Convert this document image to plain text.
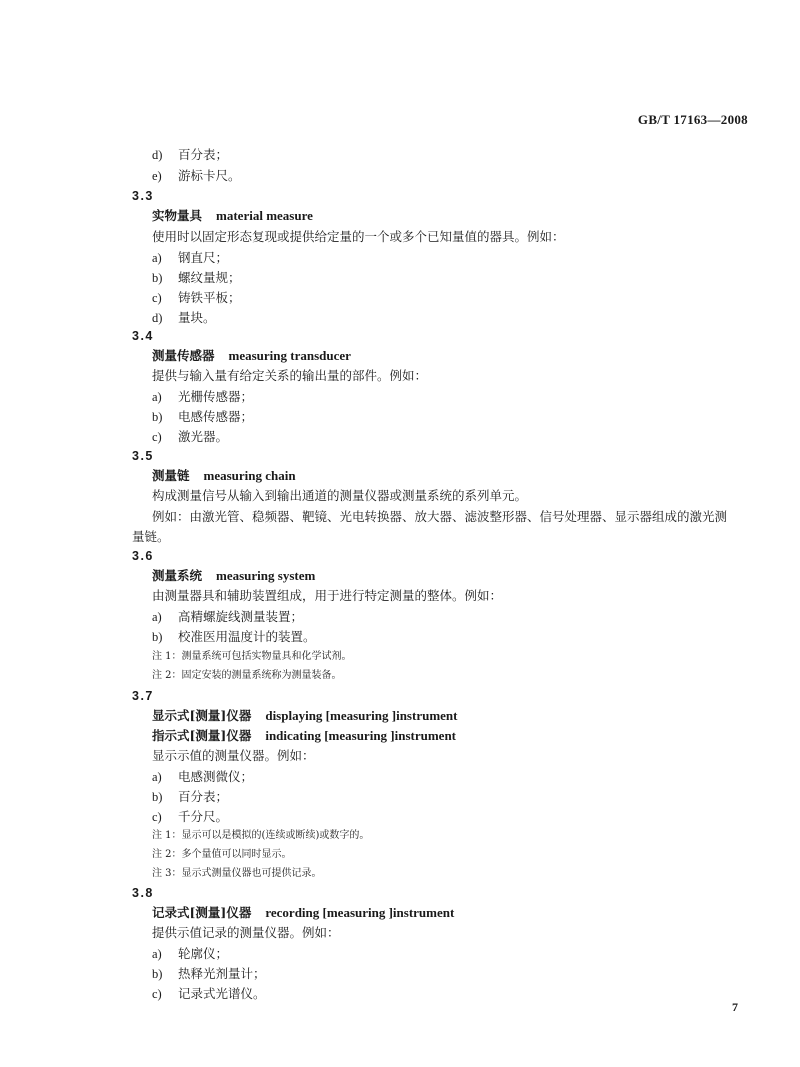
GB/T 17163—2008
d) 百分表；
e) 游标卡尺。
3.3
实物量具 material measure
使用时以固定形态复现或提供给定量的一个或多个已知量值的器具。例如：
a) 钢直尺；
b) 螺纹量规；
c) 铸铁平板；
d) 量块。
3.4
测量传感器 measuring transducer
提供与输入量有给定关系的输出量的部件。例如：
a) 光栅传感器；
b) 电感传感器；
c) 激光器。
3.5
测量链 measuring chain
构成测量信号从输入到输出通道的测量仪器或测量系统的系列单元。
例如：由激光管、稳频器、靶镜、光电转换器、放大器、滤波整形器、信号处理器、显示器组成的激光测
量链。
3.6
测量系统 measuring system
由测量器具和辅助装置组成，用于进行特定测量的整体。例如：
a) 高精螺旋线测量装置；
b) 校准医用温度计的装置。
注 1：测量系统可包括实物量具和化学试剂。
注 2：固定安装的测量系统称为测量装备。
3.7
显示式[测量]仪器 displaying [measuring ]instrument
指示式[测量]仪器 indicating [measuring ]instrument
显示示值的测量仪器。例如：
a) 电感测微仪；
b) 百分表；
c) 千分尺。
注 1：显示可以是模拟的(连续或断续)或数字的。
注 2：多个量值可以同时显示。
注 3：显示式测量仪器也可提供记录。
3.8
记录式[测量]仪器 recording [measuring ]instrument
提供示值记录的测量仪器。例如：
a) 轮廓仪；
b) 热释光剂量计；
c) 记录式光谱仪。
7
